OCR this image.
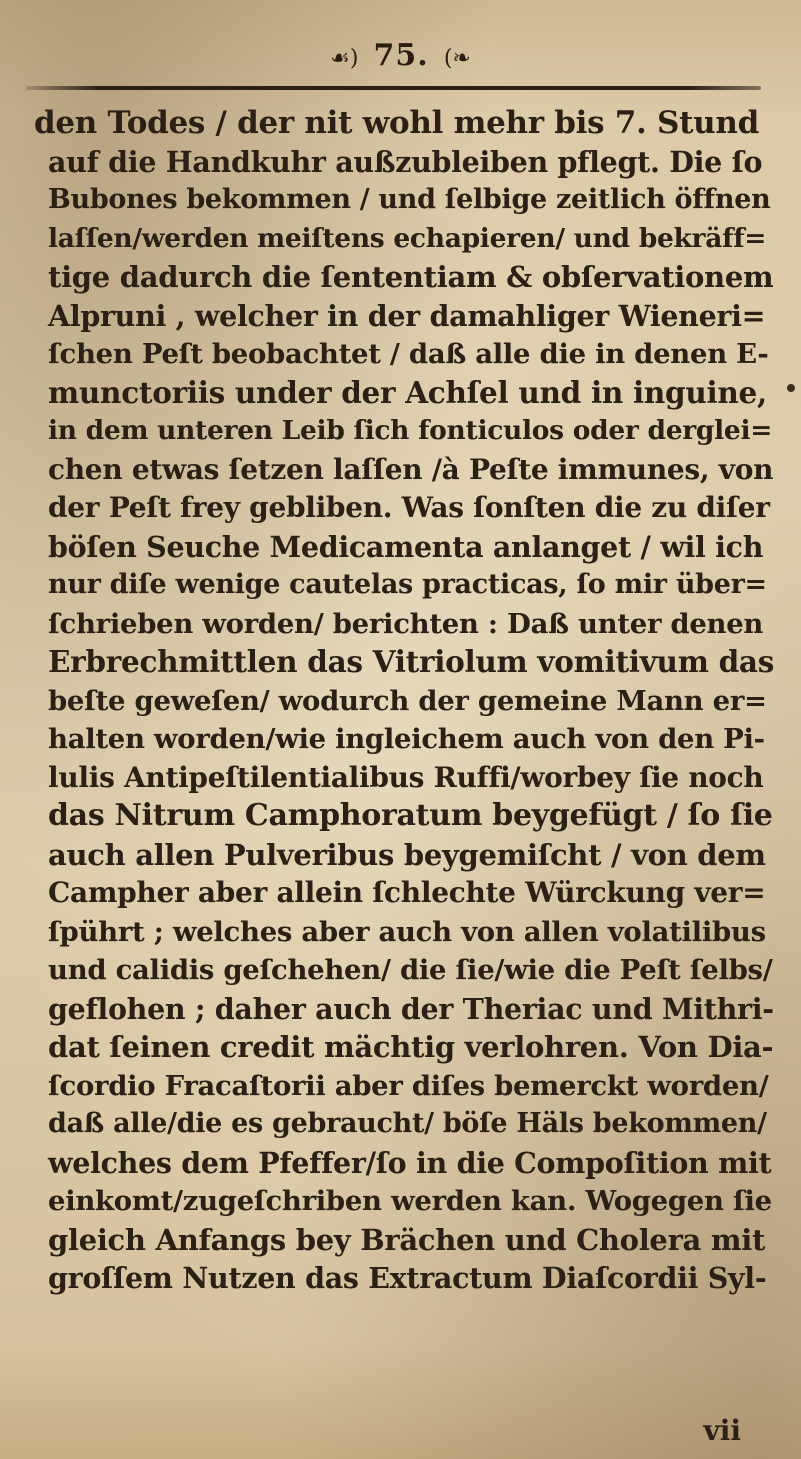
☙) 75. (❧
den Todes / der nit wohl mehr bis 7. Stund
auf die Handkuhr außzubleiben pflegt. Die ſo
Bubones bekommen / und ſelbige zeitlich öffnen
laſſen/werden meiſtens echapieren/ und bekräff=
tige dadurch die ſententiam & obſervationem
Alpruni , welcher in der damahliger Wieneri=
ſchen Peſt beobachtet / daß alle die in denen E-
munctoriis under der Achſel und in inguine,
in dem unteren Leib ſich fonticulos oder derglei=
chen etwas ſetzen laſſen /à Peſte immunes, von
der Peſt frey gebliben. Was ſonſten die zu diſer
böſen Seuche Medicamenta anlanget / wil ich
nur diſe wenige cautelas practicas, ſo mir über=
ſchrieben worden/ berichten : Daß unter denen
Erbrechmittlen das Vitriolum vomitivum das
beſte geweſen/ wodurch der gemeine Mann er=
halten worden/wie ingleichem auch von den Pi-
lulis Antipeſtilentialibus Ruffi/worbey ſie noch
das Nitrum Camphoratum beygefügt / ſo ſie
auch allen Pulveribus beygemiſcht / von dem
Campher aber allein ſchlechte Würckung ver=
ſpührt ; welches aber auch von allen volatilibus
und calidis geſchehen/ die ſie/wie die Peſt ſelbs/
geflohen ; daher auch der Theriac und Mithri-
dat ſeinen credit mächtig verlohren. Von Dia-
ſcordio Fracaſtorii aber diſes bemerckt worden/
daß alle/die es gebraucht/ böſe Häls bekommen/
welches dem Pfeffer/ſo in die Compoſition mit
einkomt/zugeſchriben werden kan. Wogegen ſie
gleich Anfangs bey Brächen und Cholera mit
groſſem Nutzen das Extractum Diaſcordii Syl-
vii
